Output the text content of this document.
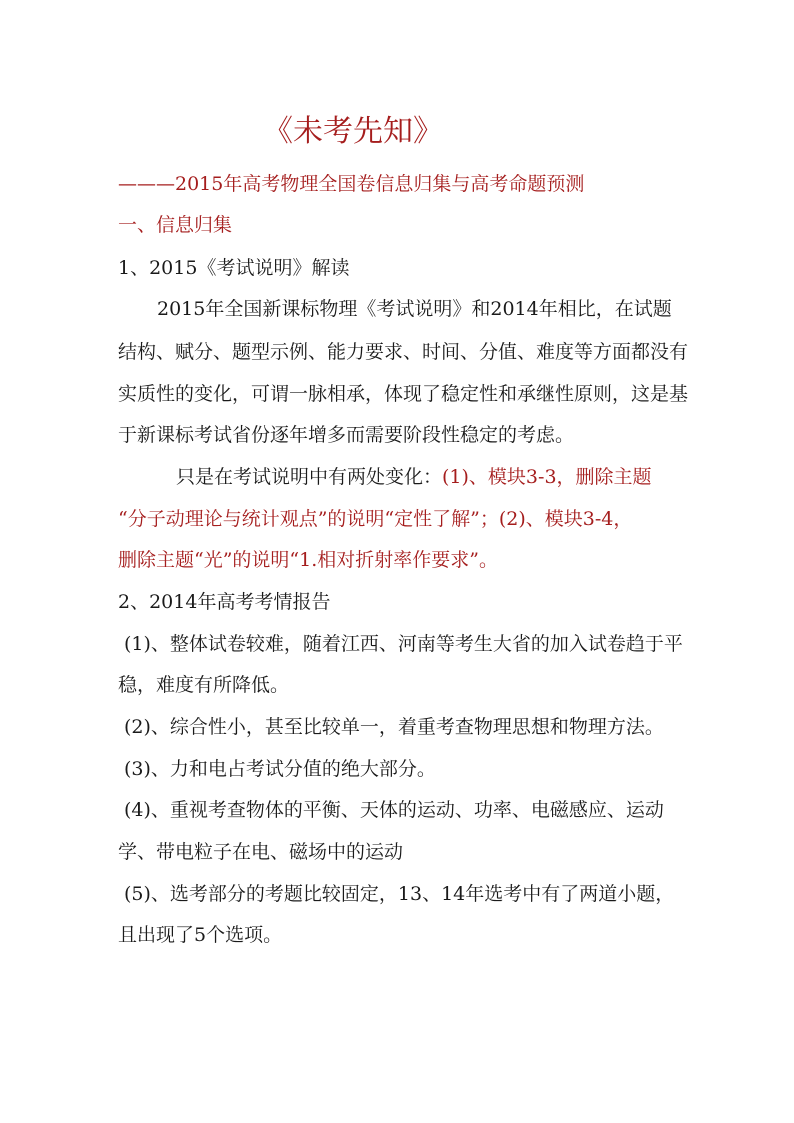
《未考先知》
———2015年高考物理全国卷信息归集与高考命题预测
一、信息归集
1、2015《考试说明》解读
2015年全国新课标物理《考试说明》和2014年相比，在试题
结构、赋分、题型示例、能力要求、时间、分值、难度等方面都没有
实质性的变化，可谓一脉相承，体现了稳定性和承继性原则，这是基
于新课标考试省份逐年增多而需要阶段性稳定的考虑。
只是在考试说明中有两处变化：(1)、模块3-3，删除主题
“分子动理论与统计观点”的说明“定性了解”；(2)、模块3-4，
删除主题“光”的说明“1.相对折射率作要求”。
2、2014年高考考情报告
(1)、整体试卷较难，随着江西、河南等考生大省的加入试卷趋于平
稳，难度有所降低。
(2)、综合性小，甚至比较单一，着重考查物理思想和物理方法。
(3)、力和电占考试分值的绝大部分。
(4)、重视考查物体的平衡、天体的运动、功率、电磁感应、运动
学、带电粒子在电、磁场中的运动
(5)、选考部分的考题比较固定，13、14年选考中有了两道小题，
且出现了5个选项。
